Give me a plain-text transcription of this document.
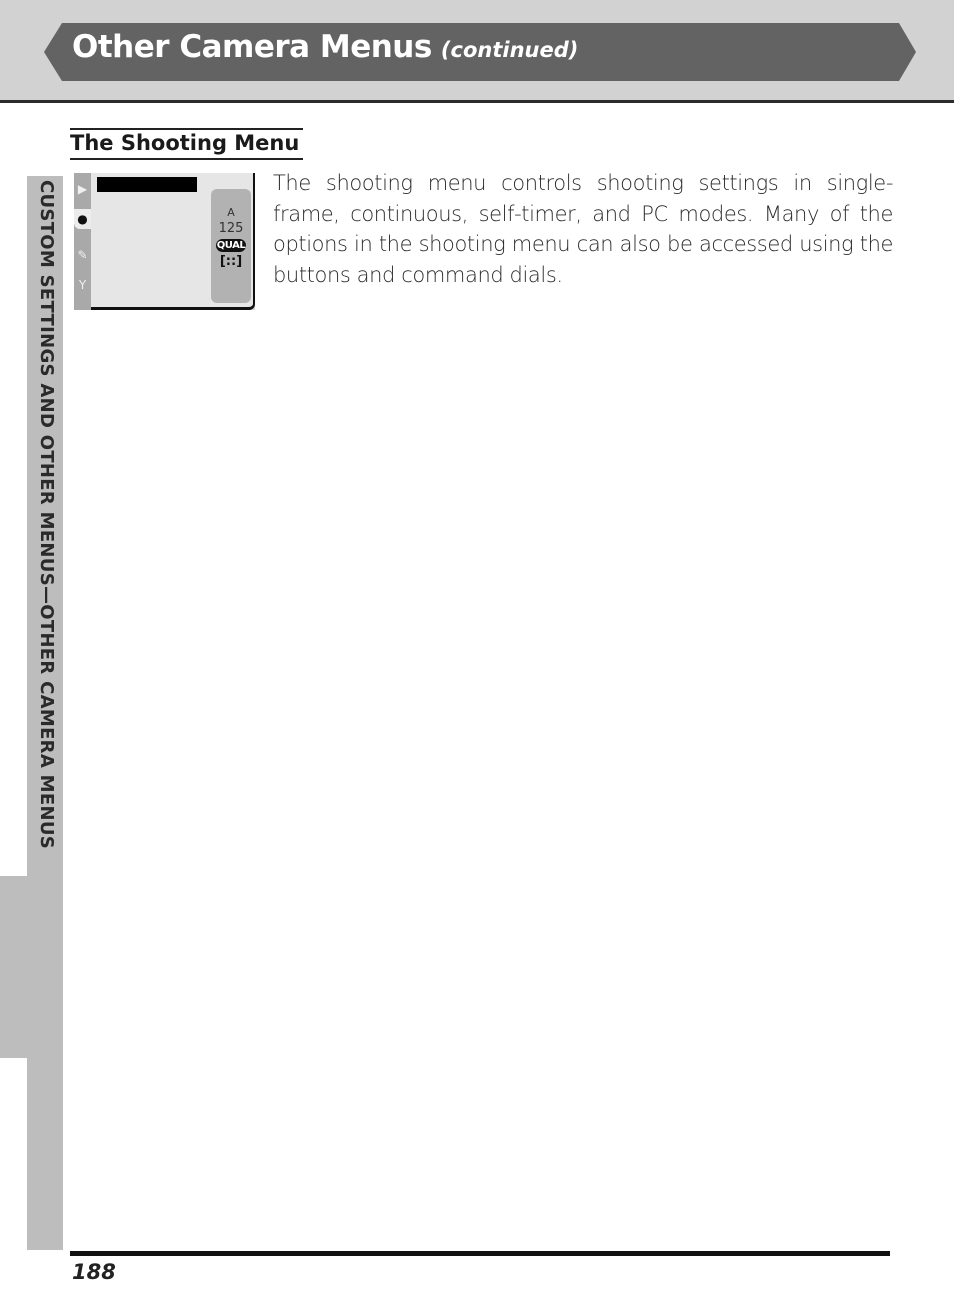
Other Camera Menus (continued)
CUSTOM SETTINGS AND OTHER MENUS—OTHER CAMERA MENUS
The Shooting Menu
▶
●
✎
Y
A
125
QUAL
[::]
The shooting menu controls shooting settings in single-frame, continuous, self-timer, and PC modes. Many of the options in the shooting menu can also be accessed using the buttons and command dials.
188
